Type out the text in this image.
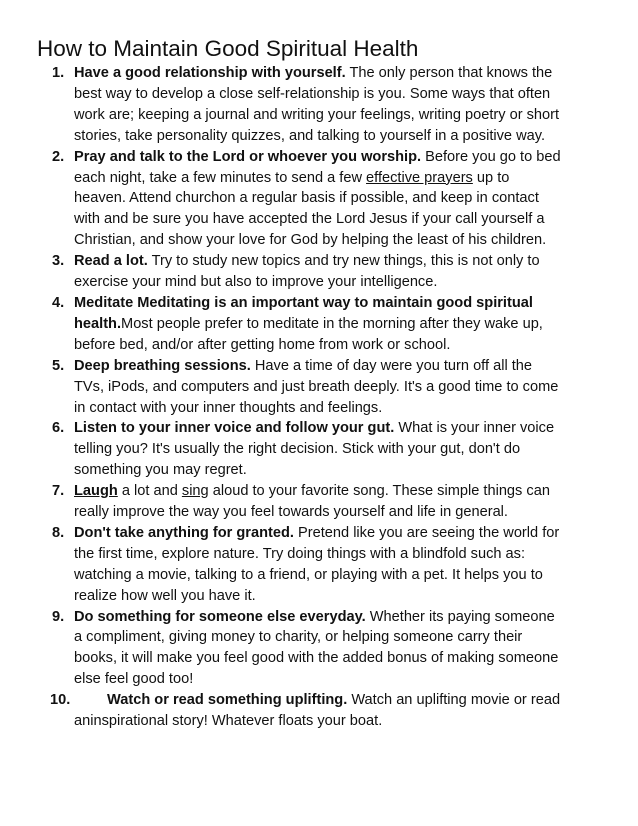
How to Maintain Good Spiritual Health
1. Have a good relationship with yourself. The only person that knows the
best way to develop a close self-relationship is you. Some ways that often
work are; keeping a journal and writing your feelings, writing poetry or short
stories, take personality quizzes, and talking to yourself in a positive way.
2. Pray and talk to the Lord or whoever you worship. Before you go to bed
each night, take a few minutes to send a few effective prayers up to
heaven. Attend churchon a regular basis if possible, and keep in contact
with and be sure you have accepted the Lord Jesus if your call yourself a
Christian, and show your love for God by helping the least of his children.
3. Read a lot. Try to study new topics and try new things, this is not only to
exercise your mind but also to improve your intelligence.
4. Meditate Meditating is an important way to maintain good spiritual
health.Most people prefer to meditate in the morning after they wake up,
before bed, and/or after getting home from work or school.
5. Deep breathing sessions. Have a time of day were you turn off all the
TVs, iPods, and computers and just breath deeply. It's a good time to come
in contact with your inner thoughts and feelings.
6. Listen to your inner voice and follow your gut. What is your inner voice
telling you? It's usually the right decision. Stick with your gut, don't do
something you may regret.
7. Laugh a lot and sing aloud to your favorite song. These simple things can
really improve the way you feel towards yourself and life in general.
8. Don't take anything for granted. Pretend like you are seeing the world for
the first time, explore nature. Try doing things with a blindfold such as:
watching a movie, talking to a friend, or playing with a pet. It helps you to
realize how well you have it.
9. Do something for someone else everyday. Whether its paying someone
a compliment, giving money to charity, or helping someone carry their
books, it will make you feel good with the added bonus of making someone
else feel good too!
10.	Watch or read something uplifting. Watch an uplifting movie or read
aninspirational story! Whatever floats your boat.
